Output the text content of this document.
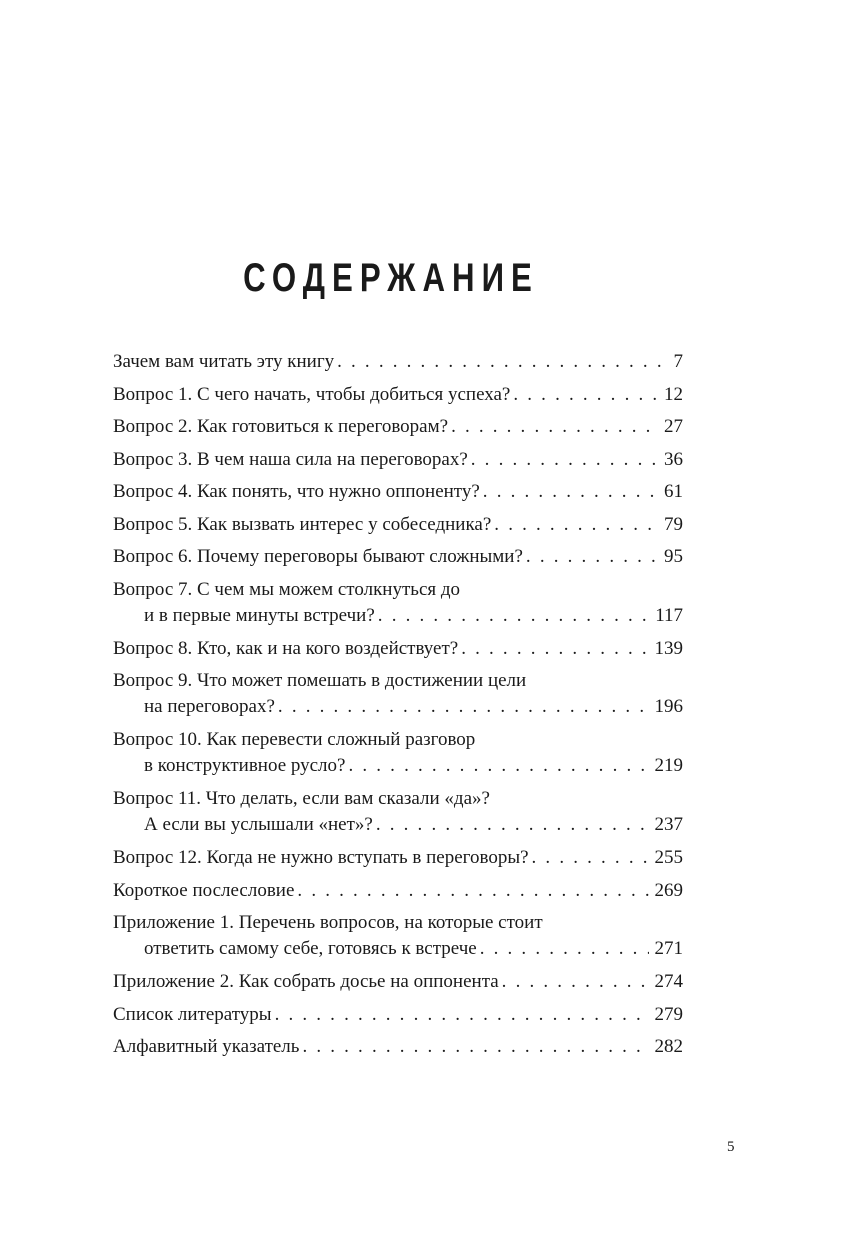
СОДЕРЖАНИЕ
Зачем вам читать эту книгу . . .	7
Вопрос 1. С чего начать, чтобы добиться успеха? . . .	12
Вопрос 2. Как готовиться к переговорам? . . .	27
Вопрос 3. В чем наша сила на переговорах? . . .	36
Вопрос 4. Как понять, что нужно оппоненту? . . .	61
Вопрос 5. Как вызвать интерес у собеседника? . . .	79
Вопрос 6. Почему переговоры бывают сложными? . . .	95
Вопрос 7. С чем мы можем столкнуться до
и в первые минуты встречи? . . .	117
Вопрос 8. Кто, как и на кого воздействует? . . .	139
Вопрос 9. Что может помешать в достижении цели
на переговорах? . . .	196
Вопрос 10. Как перевести сложный разговор
в конструктивное русло? . . .	219
Вопрос 11. Что делать, если вам сказали «да»?
А если вы услышали «нет»? . . .	237
Вопрос 12. Когда не нужно вступать в переговоры? . . .	255
Короткое послесловие . . .	269
Приложение 1. Перечень вопросов, на которые стоит
ответить самому себе, готовясь к встрече . . .	271
Приложение 2. Как собрать досье на оппонента . . .	274
Список литературы . . .	279
Алфавитный указатель . . .	282
5
